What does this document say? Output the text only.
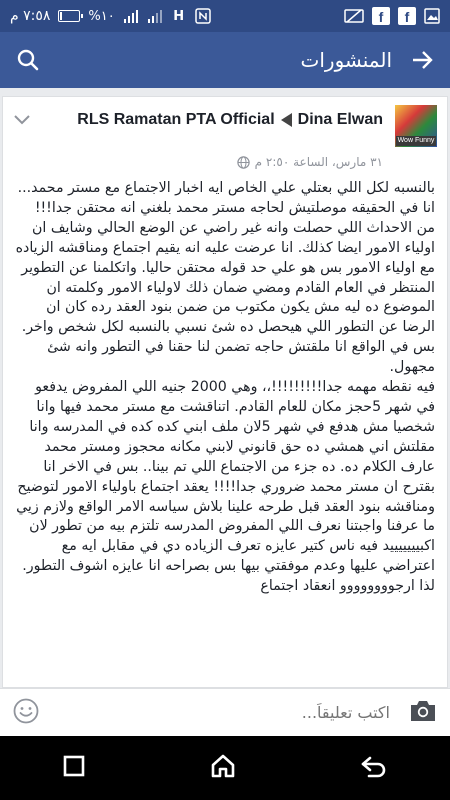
٧:٥٨ م	%١٠	H	f	f
المنشورات
Wow Funny
RLS Ramatan PTA Official Dina Elwan
٣١ مارس، الساعة ٢:٥٠ م

بالنسبه لكل اللي بعتلي علي الخاص ايه اخبار الاجتماع مع مستر محمد...

انا في الحقيقه موصلتيش لحاجه مستر محمد بلغني انه محتقن جدا!!! من الاحداث اللي حصلت وانه غير راضي عن الوضع الحالي وشايف ان اولياء الامور ايضا كذلك. انا عرضت عليه انه يقيم اجتماع ومناقشه الزياده مع اولياء الامور بس هو علي حد قوله محتقن حاليا. واتكلمنا عن التطوير المنتظر في العام القادم ومضي ضمان ذلك لاولياء الامور وكلمته ان الموضوع ده ليه مش يكون مكتوب من ضمن بنود العقد رده كان ان الرضا عن التطور اللي هيحصل ده شئ نسبي بالنسبه لكل شخص واخر. بس في الواقع انا ملقتش حاجه تضمن لنا حقنا في التطور وانه شئ مجهول.

فيه نقطه مهمه جدا!!!!!!!!!،، وهي 2000 جنيه اللي المفروض يدفعو في شهر 5حجز مكان للعام القادم. اتناقشت مع مستر محمد فيها وانا شخصيا مش هدفع في شهر 5لان ملف ابني كده كده في المدرسه وانا مقلتش اني همشي ده حق قانوني لابني مكانه محجوز ومستر محمد عارف الكلام ده. ده جزء من الاجتماع اللي تم بينا.. بس في الاخر انا بقترح ان مستر محمد ضروري جدا!!!! يعقد اجتماع باولياء الامور لتوضيح ومناقشه بنود العقد قبل طرحه علينا بلاش سياسه الامر الواقع ولازم زيي ما عرفنا واجبتنا نعرف اللي المفروض المدرسه تلتزم بيه من تطور لان اكبيييييييد فيه ناس كتير عايزه تعرف الزياده دي في مقابل ايه مع اعتراضي عليها وعدم موفقتي بيها بس بصراحه انا عايزه اشوف التطور. لذا ارجوووووووو انعقاد اجتماع

اكتب تعليقاً...
